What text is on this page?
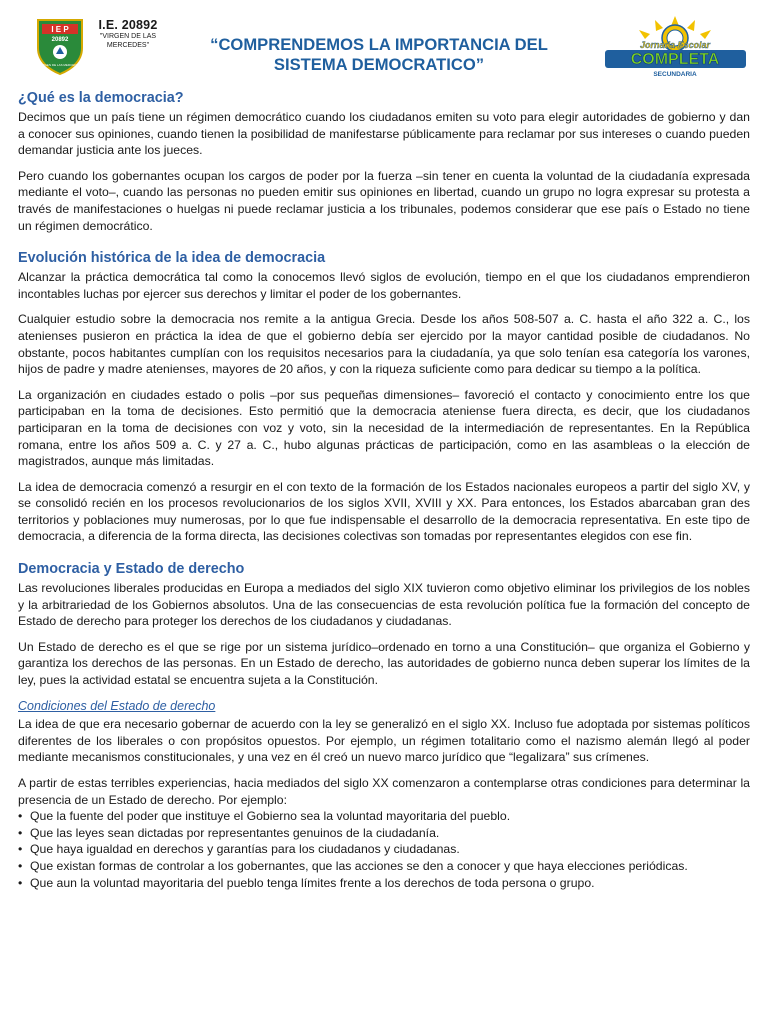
I E P
20892
VIRGEN DE LAS MERCEDES
I.E. 20892
"VIRGEN DE LAS
MERCEDES"	“COMPRENDEMOS LA IMPORTANCIA DEL
SISTEMA DEMOCRATICO”
Jornada Escolar
COMPLETA
SECUNDARIA
¿Qué es la democracia?

Decimos que un país tiene un régimen democrático cuando los ciudadanos emiten su voto para elegir autoridades de gobierno y dan a conocer sus opiniones, cuando tienen la posibilidad de manifestarse públicamente para reclamar por sus intereses o cuando pueden demandar justicia ante los jueces.

Pero cuando los gobernantes ocupan los cargos de poder por la fuerza –sin tener en cuenta la voluntad de la ciudadanía expresada mediante el voto–, cuando las personas no pueden emitir sus opiniones en libertad, cuando un grupo no logra expresar su protesta a través de manifestaciones o huelgas ni puede reclamar justicia a los tribunales, podemos considerar que ese país o Estado no tiene un régimen democrático.

Evolución histórica de la idea de democracia

Alcanzar la práctica democrática tal como la conocemos llevó siglos de evolución, tiempo en el que los ciudadanos emprendieron incontables luchas por ejercer sus derechos y limitar el poder de los gobernantes.

Cualquier estudio sobre la democracia nos remite a la antigua Grecia. Desde los años 508-507 a. C. hasta el año 322 a. C., los atenienses pusieron en práctica la idea de que el gobierno debía ser ejercido por la mayor cantidad posible de ciudadanos. No obstante, pocos habitantes cumplían con los requisitos necesarios para la ciudadanía, ya que solo tenían esa categoría los varones, hijos de padre y madre atenienses, mayores de 20 años, y con la riqueza suficiente como para dedicar su tiempo a la política.

La organización en ciudades estado o polis –por sus pequeñas dimensiones– favoreció el contacto y conocimiento entre los que participaban en la toma de decisiones. Esto permitió que la democracia ateniense fuera directa, es decir, que los ciudadanos participaran en la toma de decisiones con voz y voto, sin la necesidad de la intermediación de representantes. En la República romana, entre los años 509 a. C. y 27 a. C., hubo algunas prácticas de participación, como en las asambleas o la elección de magistrados, aunque más limitadas.

La idea de democracia comenzó a resurgir en el con texto de la formación de los Estados nacionales europeos a partir del siglo XV, y se consolidó recién en los procesos revolucionarios de los siglos XVII, XVIII y XX. Para entonces, los Estados abarcaban gran des territorios y poblaciones muy numerosas, por lo que fue indispensable el desarrollo de la democracia representativa. En este tipo de democracia, a diferencia de la forma directa, las decisiones colectivas son tomadas por representantes elegidos con ese fin.

Democracia y Estado de derecho

Las revoluciones liberales producidas en Europa a mediados del siglo XIX tuvieron como objetivo eliminar los privilegios de los nobles y la arbitrariedad de los Gobiernos absolutos. Una de las consecuencias de esta revolución política fue la formación del concepto de Estado de derecho para proteger los derechos de los ciudadanos y ciudadanas.

Un Estado de derecho es el que se rige por un sistema jurídico–ordenado en torno a una Constitución– que organiza el Gobierno y garantiza los derechos de las personas. En un Estado de derecho, las autoridades de gobierno nunca deben superar los límites de la ley, pues la actividad estatal se encuentra sujeta a la Constitución.

Condiciones del Estado de derecho

La idea de que era necesario gobernar de acuerdo con la ley se generalizó en el siglo XX. Incluso fue adoptada por sistemas políticos diferentes de los liberales o con propósitos opuestos. Por ejemplo, un régimen totalitario como el nazismo alemán llegó al poder mediante mecanismos constitucionales, y una vez en él creó un nuevo marco jurídico que “legalizara” sus crímenes.

A partir de estas terribles experiencias, hacia mediados del siglo XX comenzaron a contemplarse otras condiciones para determinar la presencia de un Estado de derecho. Por ejemplo:

• Que la fuente del poder que instituye el Gobierno sea la voluntad mayoritaria del pueblo.
• Que las leyes sean dictadas por representantes genuinos de la ciudadanía.
• Que haya igualdad en derechos y garantías para los ciudadanos y ciudadanas.
• Que existan formas de controlar a los gobernantes, que las acciones se den a conocer y que haya elecciones periódicas.
• Que aun la voluntad mayoritaria del pueblo tenga límites frente a los derechos de toda persona o grupo.
